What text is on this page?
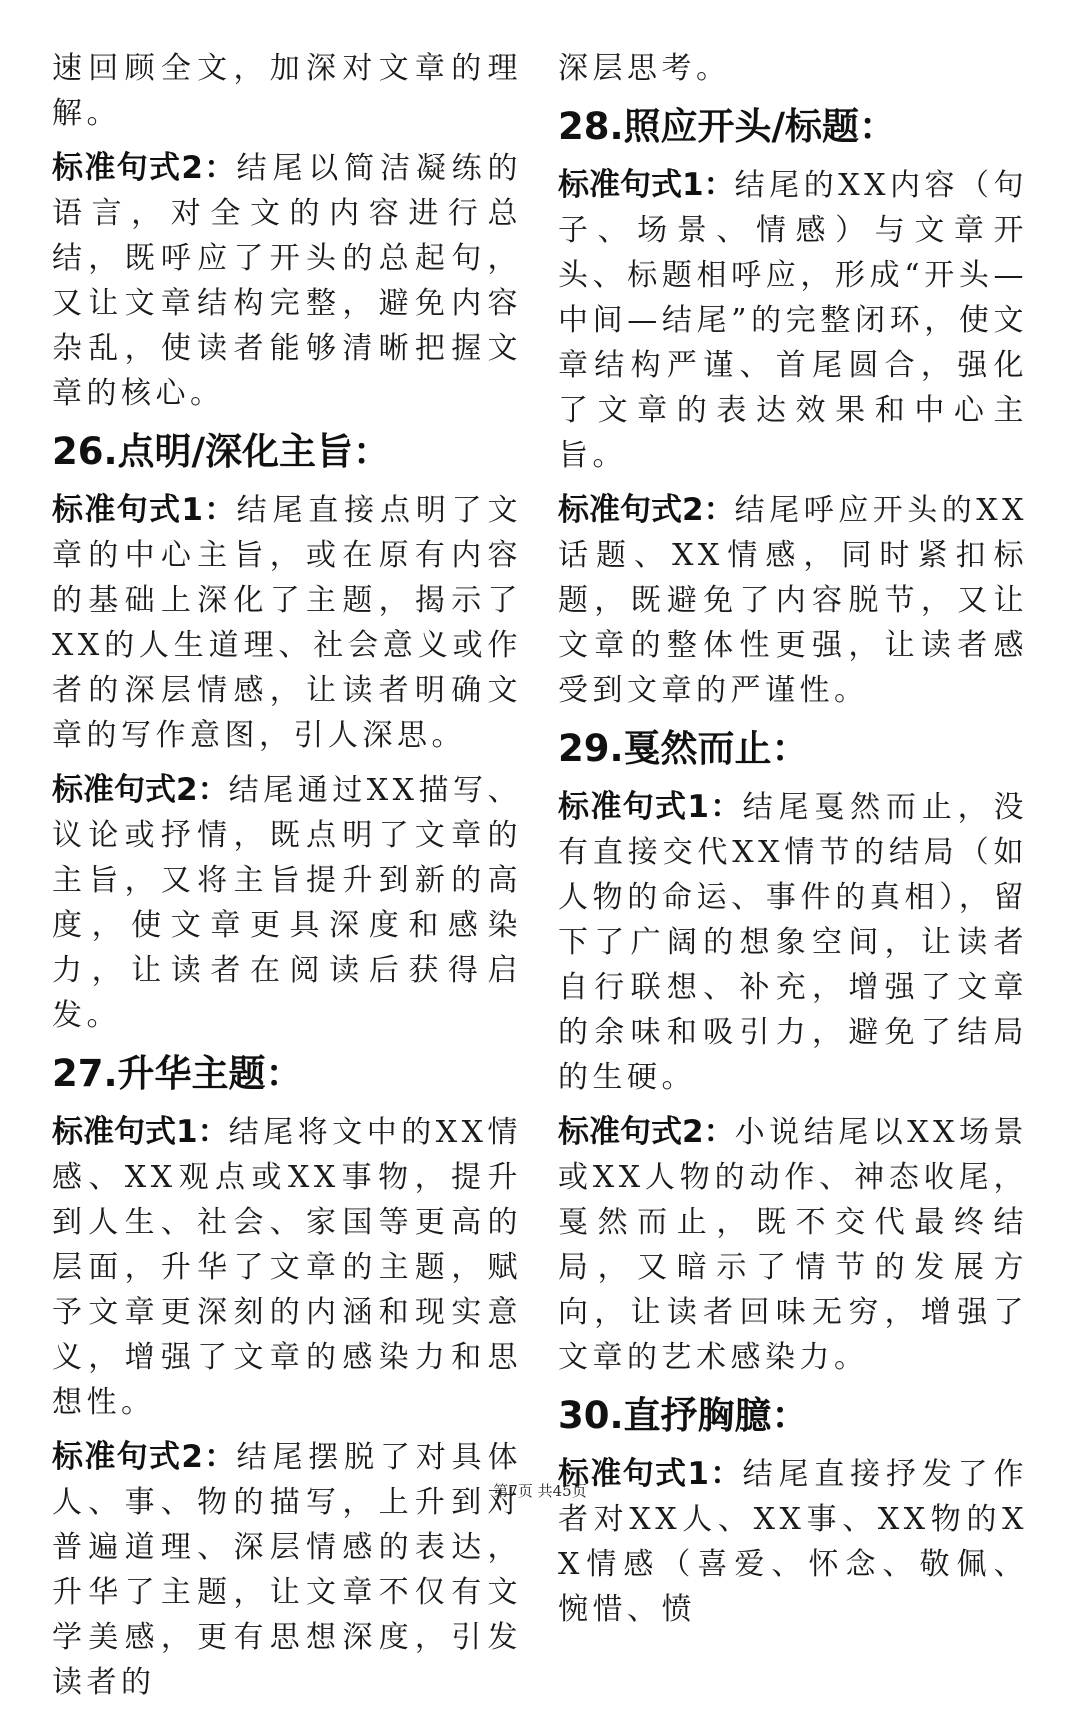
速回顾全文，加深对文章的理解。

标准句式2：结尾以简洁凝练的语言，对全文的内容进行总结，既呼应了开头的总起句，又让文章结构完整，避免内容杂乱，使读者能够清晰把握文章的核心。

26.点明/深化主旨：

标准句式1：结尾直接点明了文章的中心主旨，或在原有内容的基础上深化了主题，揭示了XX的人生道理、社会意义或作者的深层情感，让读者明确文章的写作意图，引人深思。

标准句式2：结尾通过XX描写、议论或抒情，既点明了文章的主旨，又将主旨提升到新的高度，使文章更具深度和感染力，让读者在阅读后获得启发。

27.升华主题：

标准句式1：结尾将文中的XX情感、XX观点或XX事物，提升到人生、社会、家国等更高的层面，升华了文章的主题，赋予文章更深刻的内涵和现实意义，增强了文章的感染力和思想性。

标准句式2：结尾摆脱了对具体人、事、物的描写，上升到对普遍道理、深层情感的表达，升华了主题，让文章不仅有文学美感，更有思想深度，引发读者的

深层思考。

28.照应开头/标题：

标准句式1：结尾的XX内容（句子、场景、情感）与文章开头、标题相呼应，形成“开头—中间—结尾”的完整闭环，使文章结构严谨、首尾圆合，强化了文章的表达效果和中心主旨。

标准句式2：结尾呼应开头的XX话题、XX情感，同时紧扣标题，既避免了内容脱节，又让文章的整体性更强，让读者感受到文章的严谨性。

29.戛然而止：

标准句式1：结尾戛然而止，没有直接交代XX情节的结局（如人物的命运、事件的真相），留下了广阔的想象空间，让读者自行联想、补充，增强了文章的余味和吸引力，避免了结局的生硬。

标准句式2：小说结尾以XX场景或XX人物的动作、神态收尾，戛然而止，既不交代最终结局，又暗示了情节的发展方向，让读者回味无穷，增强了文章的艺术感染力。

30.直抒胸臆：

标准句式1：结尾直接抒发了作者对XX人、XX事、XX物的XX情感（喜爱、怀念、敬佩、惋惜、愤

第7页 共45页
